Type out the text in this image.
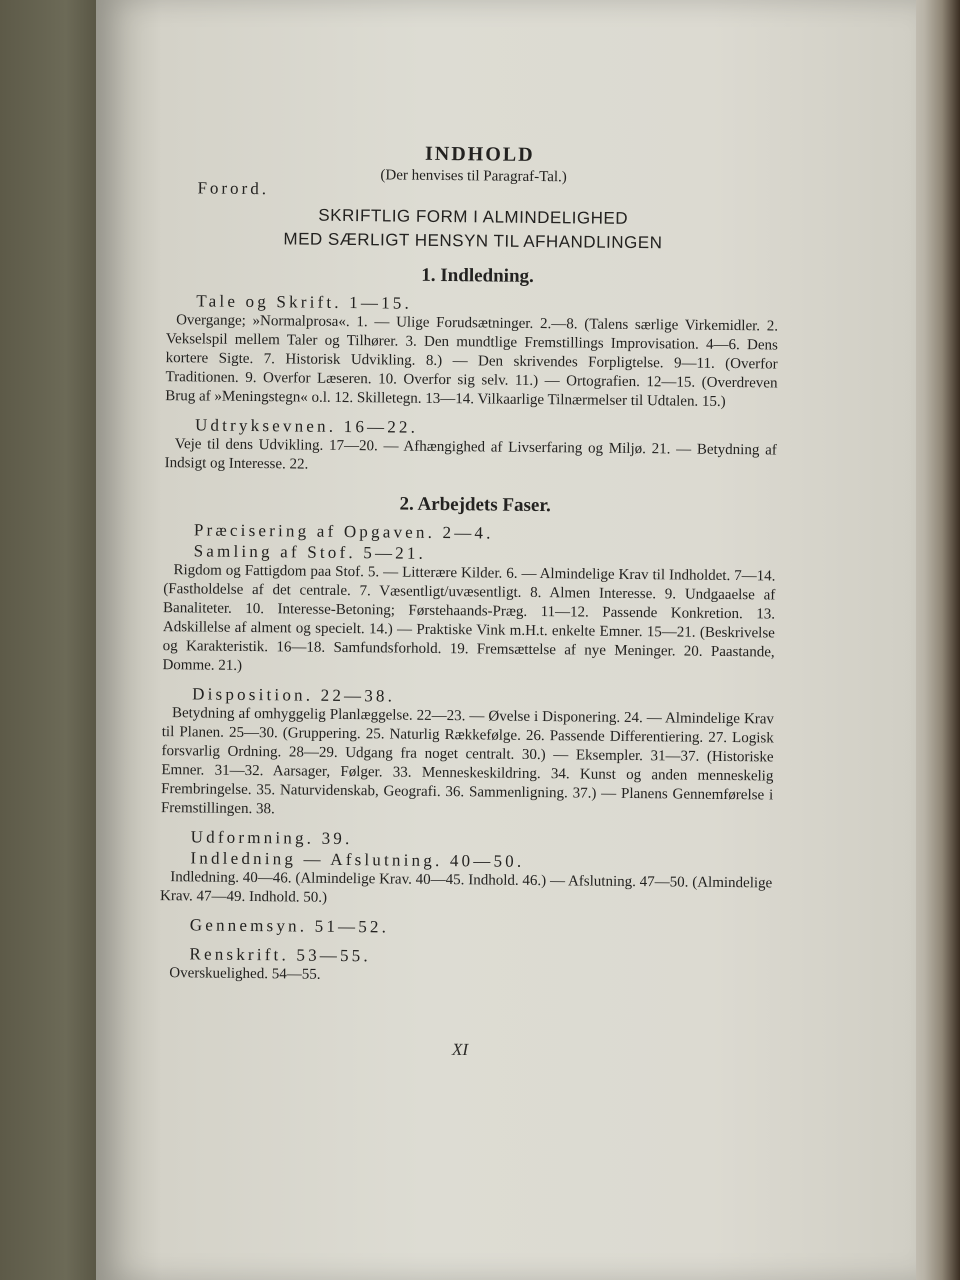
INDHOLD
(Der henvises til Paragraf-Tal.)
Forord.
SKRIFTLIG FORM I ALMINDELIGHED
MED SÆRLIGT HENSYN TIL AFHANDLINGEN
1. Indledning.
Tale og Skrift. 1—15.
Overgange; »Normalprosa«. 1. — Ulige Forudsætninger. 2.—8. (Talens særlige Virkemidler. 2. Vekselspil mellem Taler og Tilhører. 3. Den mundtlige Fremstillings Improvisation. 4—6. Dens kortere Sigte. 7. Historisk Udvikling. 8.) — Den skrivendes Forpligtelse. 9—11. (Overfor Traditionen. 9. Overfor Læseren. 10. Overfor sig selv. 11.) — Ortografien. 12—15. (Overdreven Brug af »Meningstegn« o.l. 12. Skilletegn. 13—14. Vilkaarlige Tilnærmelser til Udtalen. 15.)
Udtryksevnen. 16—22.
Veje til dens Udvikling. 17—20. — Afhængighed af Livserfaring og Miljø. 21. — Betydning af Indsigt og Interesse. 22.
2. Arbejdets Faser.
Præcisering af Opgaven. 2—4.
Samling af Stof. 5—21.
Rigdom og Fattigdom paa Stof. 5. — Litterære Kilder. 6. — Almindelige Krav til Indholdet. 7—14. (Fastholdelse af det centrale. 7. Væsentligt/uvæsentligt. 8. Almen Interesse. 9. Undgaaelse af Banaliteter. 10. Interesse-Betoning; Førstehaands-Præg. 11—12. Passende Konkretion. 13. Adskillelse af alment og specielt. 14.) — Praktiske Vink m.H.t. enkelte Emner. 15—21. (Beskrivelse og Karakteristik. 16—18. Samfundsforhold. 19. Fremsættelse af nye Meninger. 20. Paastande, Domme. 21.)
Disposition. 22—38.
Betydning af omhyggelig Planlæggelse. 22—23. — Øvelse i Disponering. 24. — Almindelige Krav til Planen. 25—30. (Gruppering. 25. Naturlig Rækkefølge. 26. Passende Differentiering. 27. Logisk forsvarlig Ordning. 28—29. Udgang fra noget centralt. 30.) — Eksempler. 31—37. (Historiske Emner. 31—32. Aarsager, Følger. 33. Menneskeskildring. 34. Kunst og anden menneskelig Frembringelse. 35. Naturvidenskab, Geografi. 36. Sammenligning. 37.) — Planens Gennemførelse i Fremstillingen. 38.
Udformning. 39.
Indledning — Afslutning. 40—50.
Indledning. 40—46. (Almindelige Krav. 40—45. Indhold. 46.) — Afslutning. 47—50. (Almindelige Krav. 47—49. Indhold. 50.)
Gennemsyn. 51—52.
Renskrift. 53—55.
Overskuelighed. 54—55.
XI
